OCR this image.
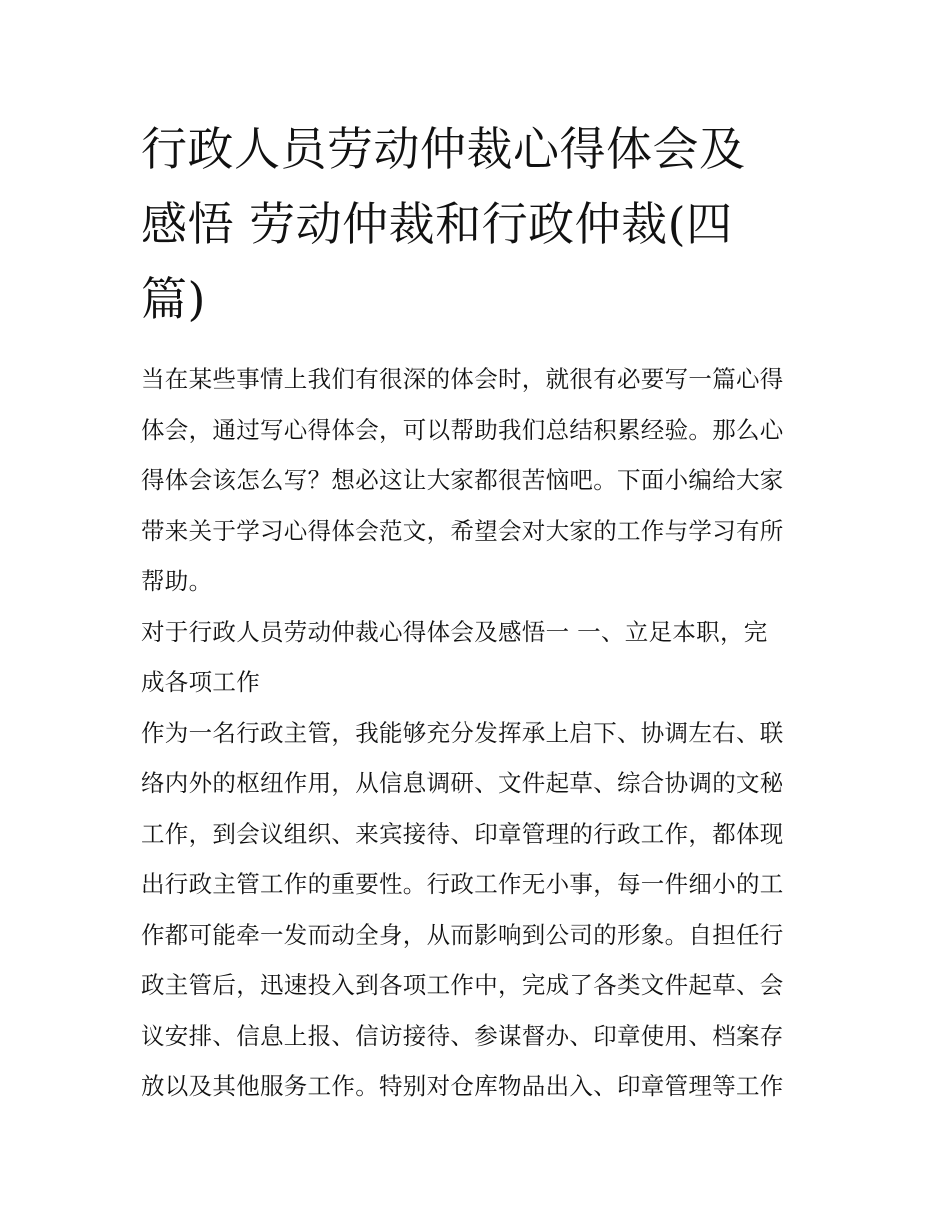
行政人员劳动仲裁心得体会及
感悟 劳动仲裁和行政仲裁(四
篇)
当在某些事情上我们有很深的体会时，就很有必要写一篇心得
体会，通过写心得体会，可以帮助我们总结积累经验。那么心
得体会该怎么写？想必这让大家都很苦恼吧。下面小编给大家
带来关于学习心得体会范文，希望会对大家的工作与学习有所
帮助。
对于行政人员劳动仲裁心得体会及感悟一 一、立足本职，完
成各项工作
作为一名行政主管，我能够充分发挥承上启下、协调左右、联
络内外的枢纽作用，从信息调研、文件起草、综合协调的文秘
工作，到会议组织、来宾接待、印章管理的行政工作，都体现
出行政主管工作的重要性。行政工作无小事，每一件细小的工
作都可能牵一发而动全身，从而影响到公司的形象。自担任行
政主管后，迅速投入到各项工作中，完成了各类文件起草、会
议安排、信息上报、信访接待、参谋督办、印章使用、档案存
放以及其他服务工作。特别对仓库物品出入、印章管理等工作
